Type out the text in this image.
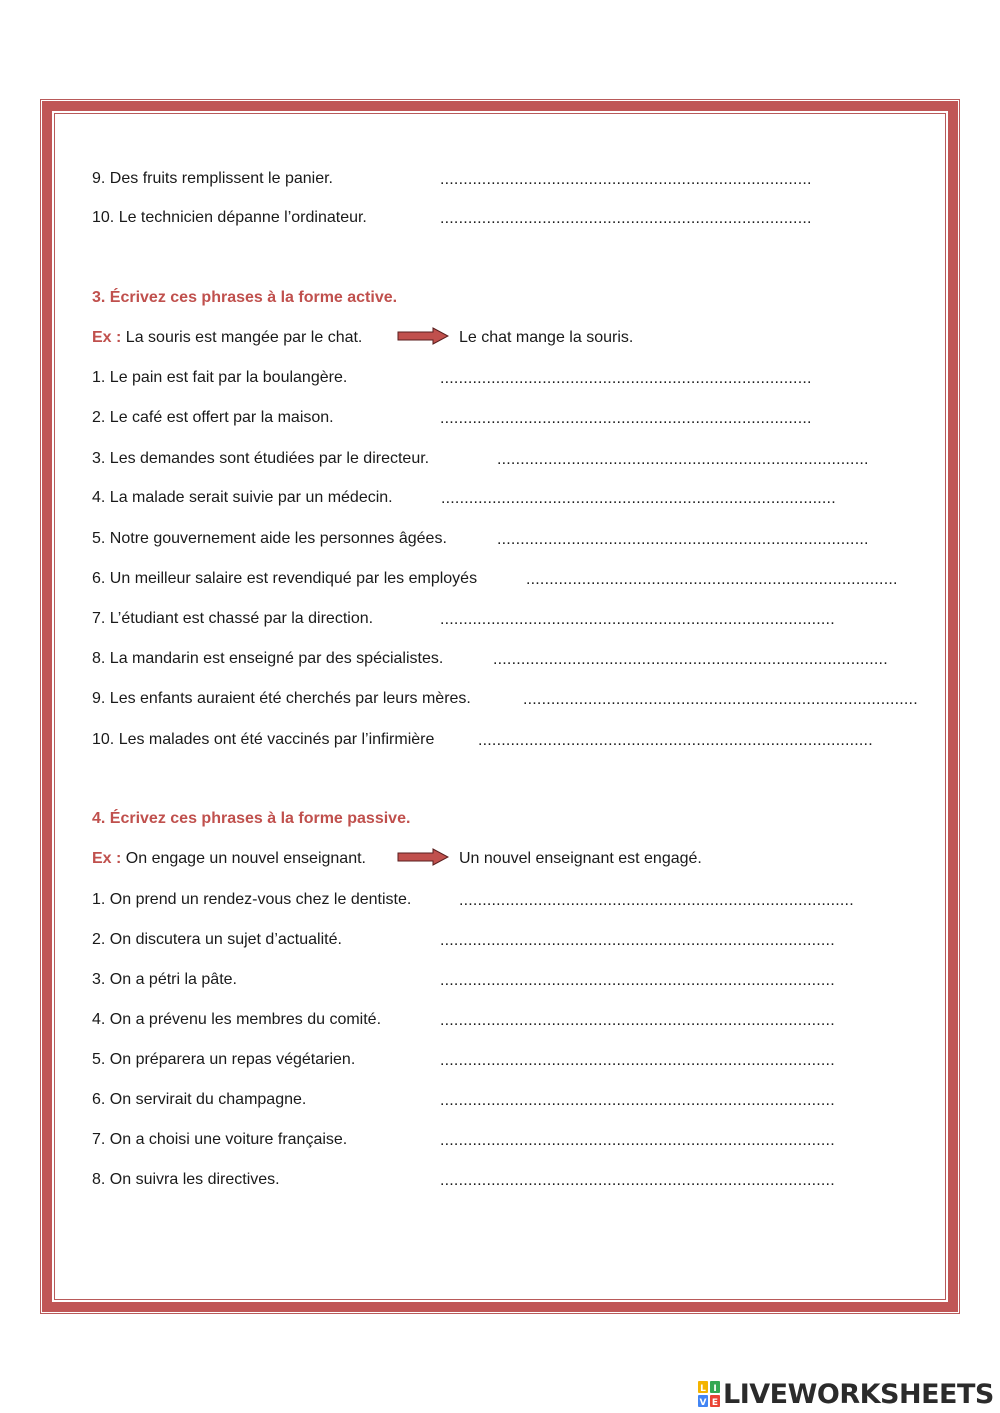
9. Des fruits remplissent le panier.	................................................................................
10. Le technicien dépanne l’ordinateur.	................................................................................
3. Écrivez ces phrases à la forme active.
Ex : La souris est mangée par le chat.	Le chat mange la souris.
1. Le pain est fait par la boulangère.	................................................................................
2. Le café est offert par la maison.	................................................................................
3. Les demandes sont étudiées par le directeur.	................................................................................
4. La malade serait suivie par un médecin.	.....................................................................................
5. Notre gouvernement aide les personnes âgées.	................................................................................
6. Un meilleur salaire est revendiqué par les employés	................................................................................
7. L’étudiant est chassé par la direction.	.....................................................................................
8. La mandarin est enseigné par des spécialistes.	.....................................................................................
9. Les enfants auraient été cherchés par leurs mères.	.....................................................................................
10. Les malades ont été vaccinés par l’infirmière	.....................................................................................
4. Écrivez ces phrases à la forme passive.
Ex : On engage un nouvel enseignant.	Un nouvel enseignant est engagé.
1. On prend un rendez-vous chez le dentiste.	.....................................................................................
2. On discutera un sujet d’actualité.	.....................................................................................
3. On a pétri la pâte.	.....................................................................................
4. On a prévenu les membres du comité.	.....................................................................................
5. On préparera un repas végétarien.	.....................................................................................
6. On servirait du champagne.	.....................................................................................
7. On a choisi une voiture française.	.....................................................................................
8. On suivra les directives.	.....................................................................................
L I
V E LIVEWORKSHEETS
